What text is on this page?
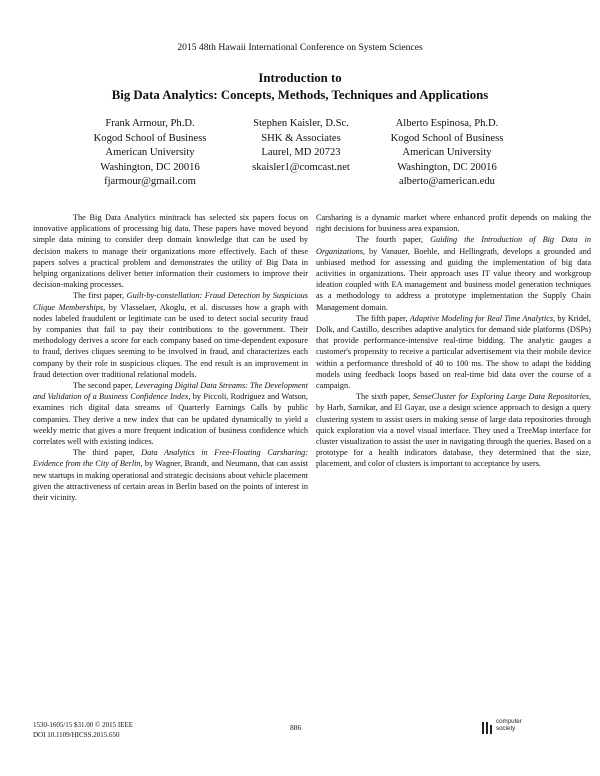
2015 48th Hawaii International Conference on System Sciences
Introduction to
Big Data Analytics: Concepts, Methods, Techniques and Applications
Frank Armour, Ph.D.
Kogod School of Business
American University
Washington, DC 20016
fjarmour@gmail.com
Stephen Kaisler, D.Sc.
SHK & Associates
Laurel, MD 20723
skaisler1@comcast.net
Alberto Espinosa, Ph.D.
Kogod School of Business
American University
Washington, DC 20016
alberto@american.edu

The Big Data Analytics minitrack has selected six papers focus on innovative applications of processing big data. These papers have moved beyond simple data mining to consider deep domain knowledge that can be used by decision makers to manage their organizations more effectively. Each of these papers solves a practical problem and demonstrates the utility of Big Data in helping organizations deliver better information their customers to improve their decision-making processes.

The first paper, Guilt-by-constellation: Fraud Detection by Suspicious Clique Memberships, by Vlasselaer, Akoglu, et al. discusses how a graph with nodes labeled fraudulent or legitimate can be used to detect social security fraud by companies that fail to pay their contributions to the government. Their methodology derives a score for each company based on time-dependent exposure to fraud, derives cliques seeming to be involved in fraud, and characterizes each company by their role in suspicious cliques. The end result is an improvement in fraud detection over traditional relational models.

The second paper, Leveraging Digital Data Streams: The Development and Validation of a Business Confidence Index, by Piccoli, Rodriguez and Watson, examines rich digital data streams of Quarterly Earnings Calls by public companies. They derive a new index that can be updated dynamically to yield a weekly metric that gives a more frequent indication of business confidence which correlates well with existing indices.

The third paper, Data Analytics in Free-Floating Carsharing: Evidence from the City of Berlin, by Wagner, Brandt, and Neumann, that can assist new startups in making operational and strategic decisions about vehicle placement given the attractiveness of certain areas in Berlin based on the points of interest in their vicinity.

Carsharing is a dynamic market where enhanced profit depends on making the right decisions for business area expansion.

The fourth paper, Guiding the Introduction of Big Data in Organizations, by Vanauer, Boehle, and Hellingrath, develops a grounded and unbiased method for assessing and guiding the implementation of big data activities in organizations. Their approach uses IT value theory and workgroup ideation coupled with EA management and business model generation techniques as a methodology to address a prototype implementation the Supply Chain Management domain.

The fifth paper, Adaptive Modeling for Real Time Analytics, by Kridel, Dolk, and Castillo, describes adaptive analytics for demand side platforms (DSPs) that provide performance-intensive real-time bidding. The analytic gauges a customer's propensity to receive a particular advertisement via their mobile device within a performance threshold of 40 to 100 ms. The show to adapt the bidding models using feedback loops based on real-time bid data over the course of a campaign.

The sixth paper, SenseCluster for Exploring Large Data Repositories, by Harb, Sarnikar, and El Gayar, use a design science approach to design a query clustering system to assist users in making sense of large data repositories through quick exploration via a novel visual interface. They used a TreeMap interface for cluster visualization to assist the user in navigating through the queries. Based on a prototype for a health indicators database, they determined that the size, placement, and color of clusters is important to acceptance by users.

1530-1605/15 $31.00 © 2015 IEEE
DOI 10.1109/HICSS.2015.650
886
computer
society
